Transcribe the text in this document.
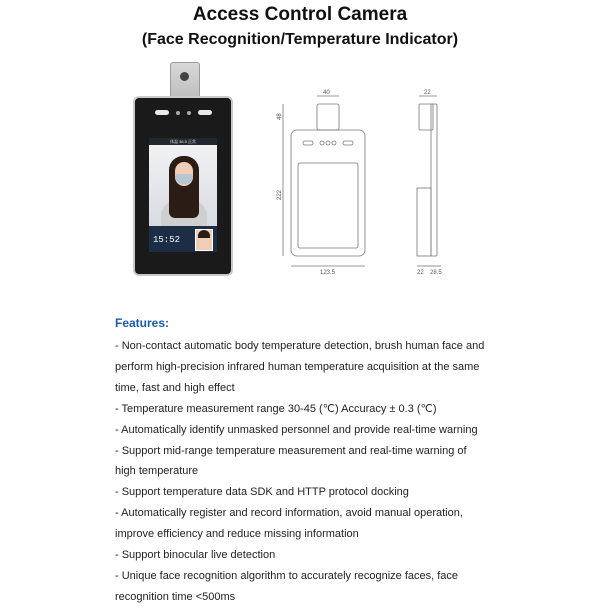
Access Control Camera
(Face Recognition/Temperature Indicator)
体温 36.5 正常
15:52
40
48
222
123.5
22
22 28.5
Features:
- Non-contact automatic body temperature detection, brush human face and perform high-precision infrared human temperature acquisition at the same time, fast and high effect
- Temperature measurement range 30-45 (℃) Accuracy ± 0.3 (℃)
- Automatically identify unmasked personnel and provide real-time warning
- Support mid-range temperature measurement and real-time warning of high temperature
- Support temperature data SDK and HTTP protocol docking
- Automatically register and record information, avoid manual operation, improve efficiency and reduce missing information
- Support binocular live detection
- Unique face recognition algorithm to accurately recognize faces, face recognition time <500ms
